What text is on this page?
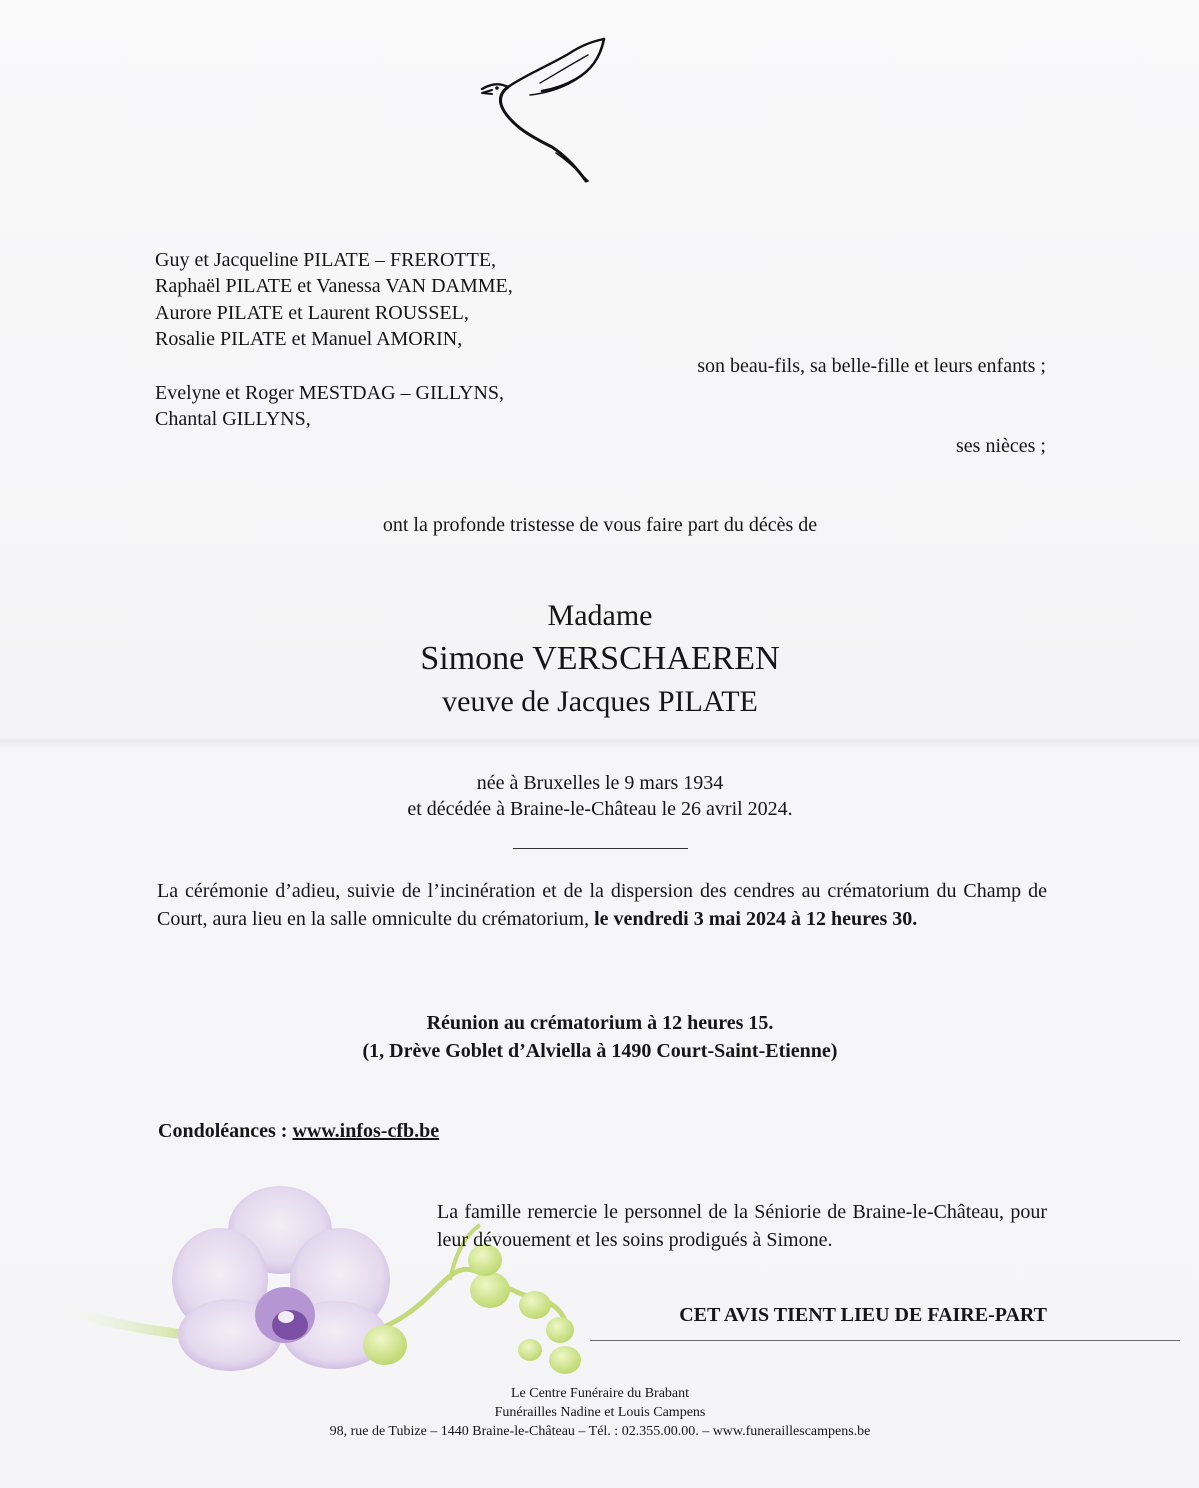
Guy et Jacqueline PILATE – FREROTTE,
Raphaël PILATE et Vanessa VAN DAMME,
Aurore PILATE et Laurent ROUSSEL,
Rosalie PILATE et Manuel AMORIN,
son beau-fils, sa belle-fille et leurs enfants ;
Evelyne et Roger MESTDAG – GILLYNS,
Chantal GILLYNS,
ses nièces ;
ont la profonde tristesse de vous faire part du décès de
Madame
Simone VERSCHAEREN
veuve de Jacques PILATE
née à Bruxelles le 9 mars 1934
et décédée à Braine-le-Château le 26 avril 2024.
La cérémonie d’adieu, suivie de l’incinération et de la dispersion des cendres au crématorium du Champ de Court, aura lieu en la salle omniculte du crématorium, le vendredi 3 mai 2024 à 12 heures 30.
Réunion au crématorium à 12 heures 15.
(1, Drève Goblet d’Alviella à 1490 Court-Saint-Etienne)
Condoléances : www.infos-cfb.be
La famille remercie le personnel de la Séniorie de Braine-le-Château, pour leur dévouement et les soins prodigués à Simone.
CET AVIS TIENT LIEU DE FAIRE-PART
Le Centre Funéraire du Brabant
Funérailles Nadine et Louis Campens
98, rue de Tubize – 1440 Braine-le-Château – Tél. : 02.355.00.00. – www.funeraillescampens.be
